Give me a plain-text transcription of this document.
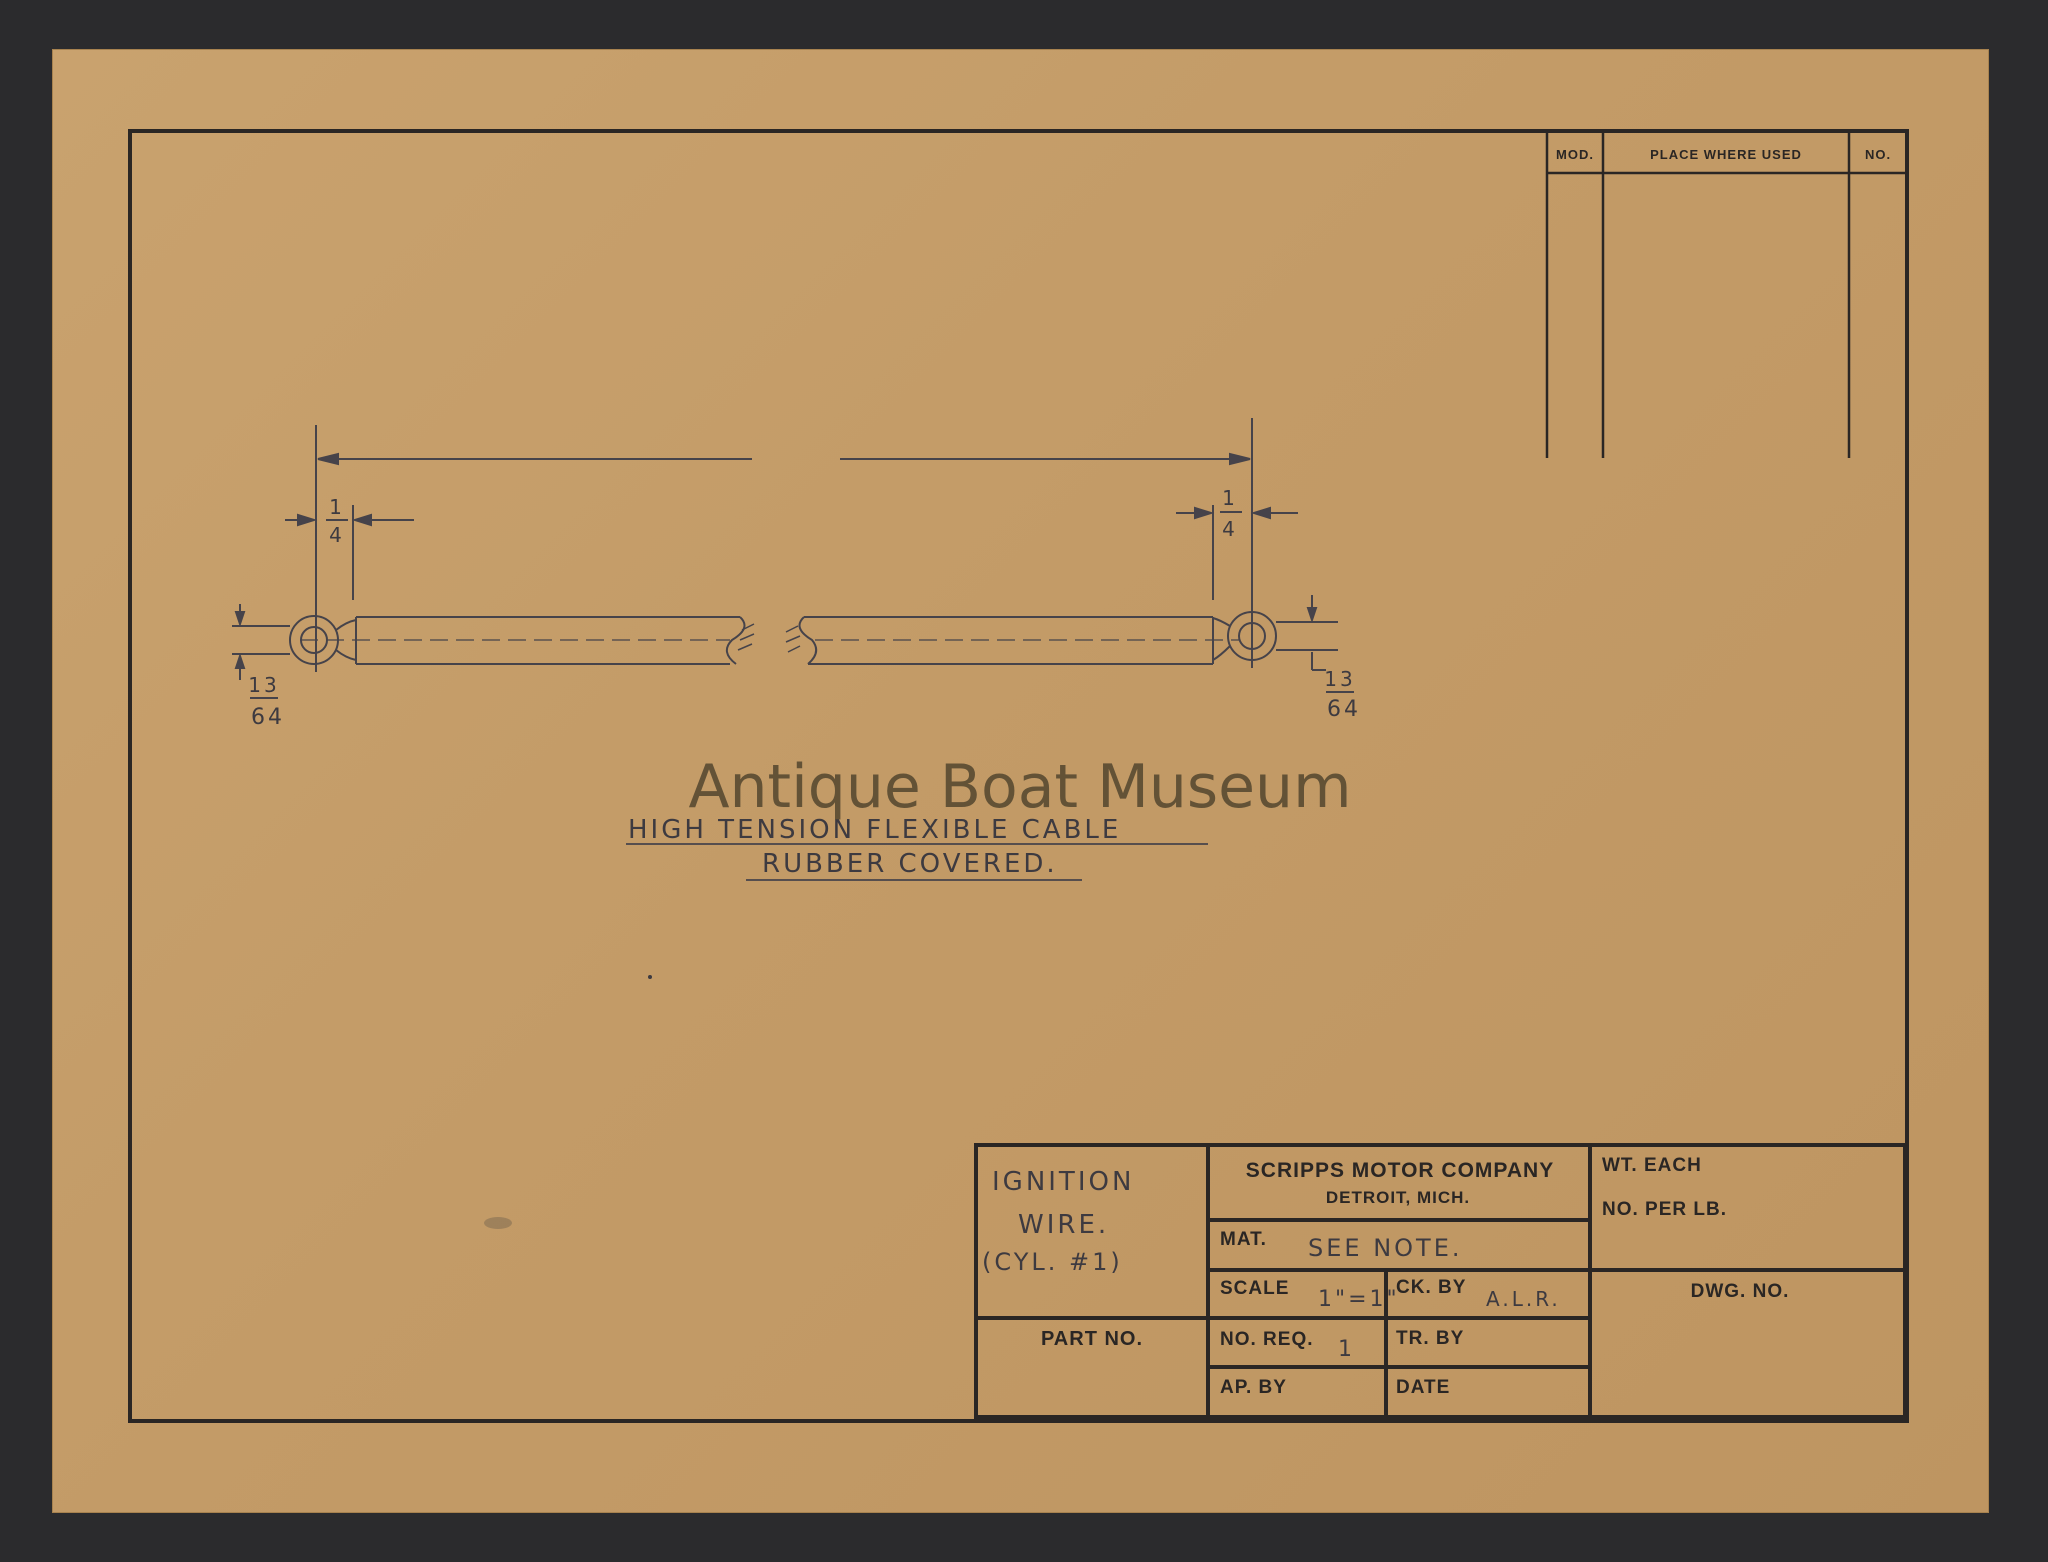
MOD.	PLACE WHERE USED	NO.
1
4
1
4
13
64
13
64
HIGH TENSION FLEXIBLE CABLE
RUBBER COVERED.
IGNITION
WIRE.
(CYL. #1)
PART NO.
SCRIPPS MOTOR COMPANY
DETROIT, MICH.
MAT. SEE NOTE.
SCALE 1"=1"
CK. BY A.L.R.
NO. REQ. 1 TR. BY
AP. BY	DATE
WT. EACH
NO. PER LB.
DWG. NO.
Antique Boat Museum
